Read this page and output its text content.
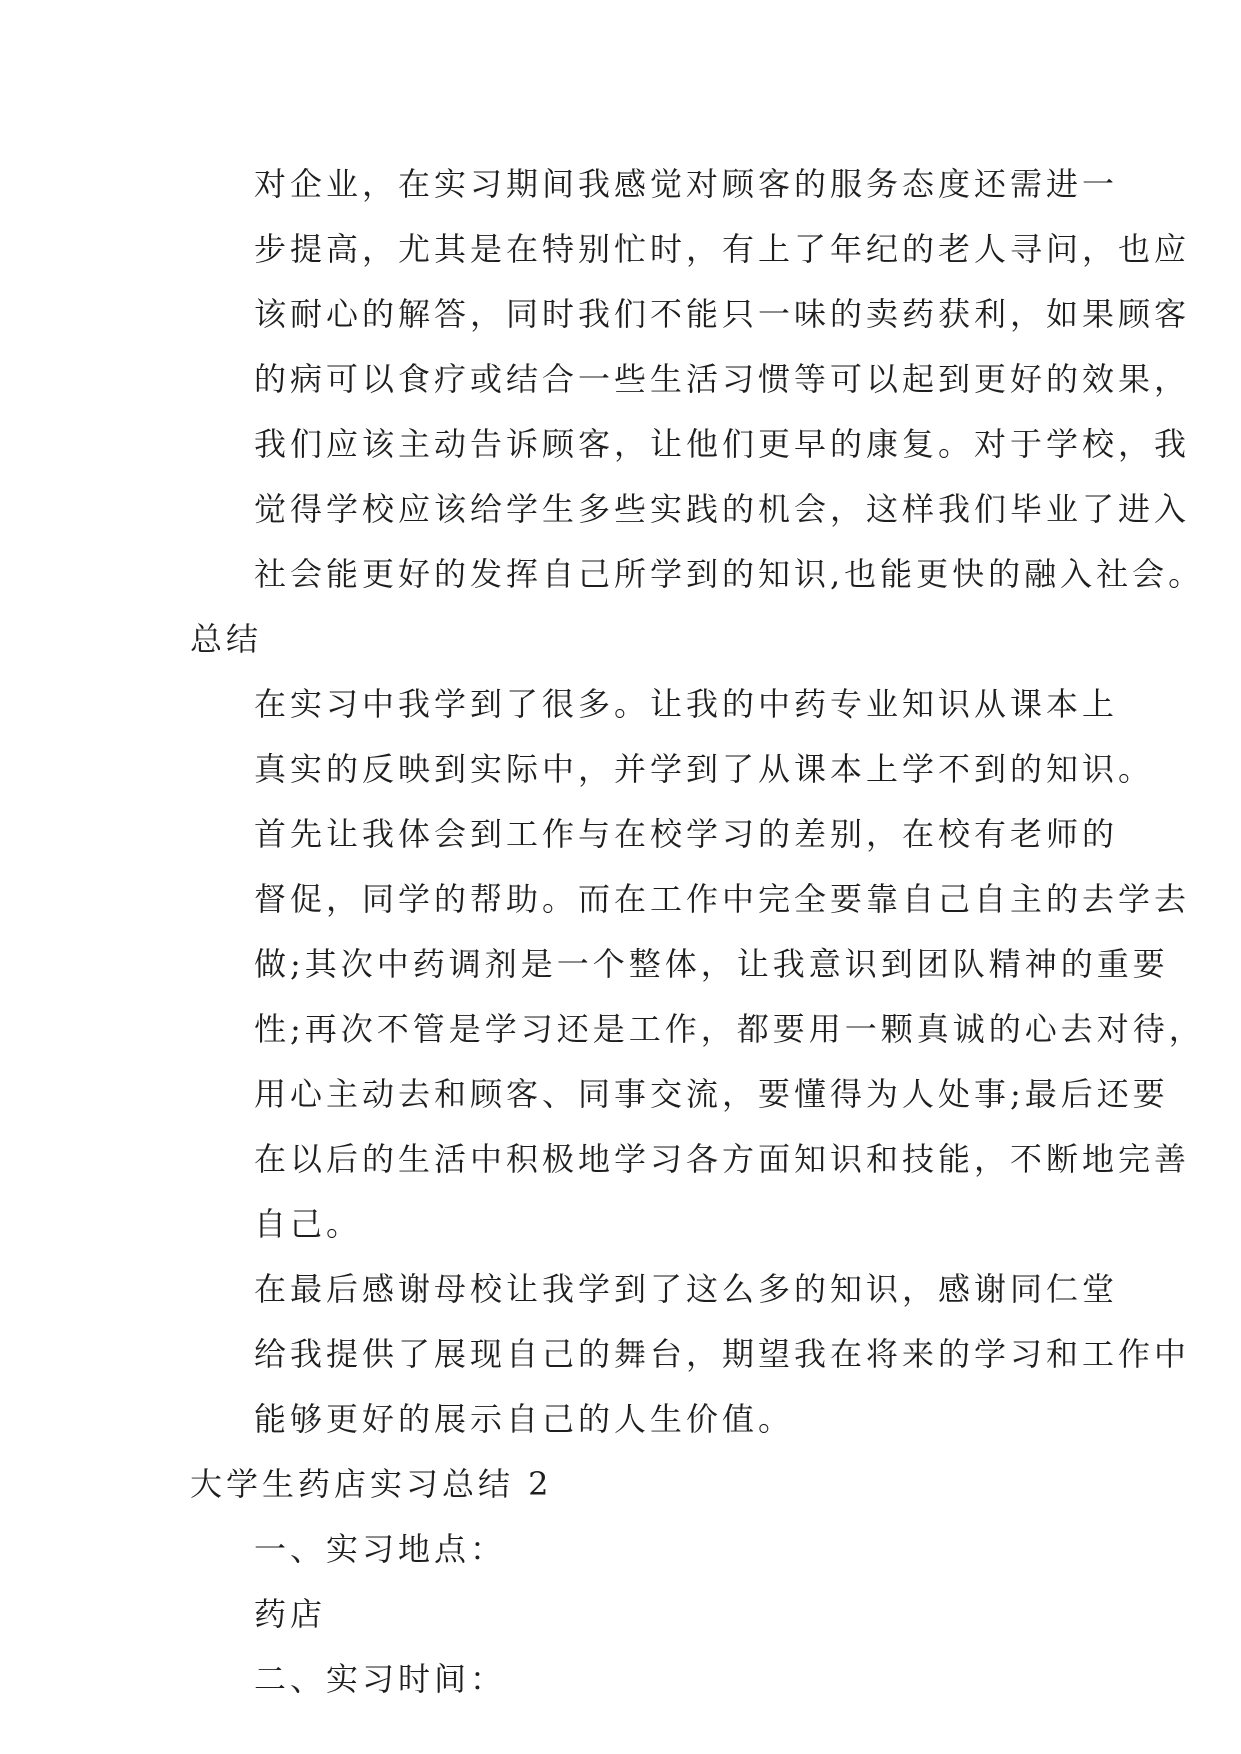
对企业，在实习期间我感觉对顾客的服务态度还需进一
步提高，尤其是在特别忙时，有上了年纪的老人寻问，也应
该耐心的解答，同时我们不能只一味的卖药获利，如果顾客
的病可以食疗或结合一些生活习惯等可以起到更好的效果，
我们应该主动告诉顾客，让他们更早的康复。对于学校，我
觉得学校应该给学生多些实践的机会，这样我们毕业了进入
社会能更好的发挥自己所学到的知识,也能更快的融入社会。

总结

在实习中我学到了很多。让我的中药专业知识从课本上
真实的反映到实际中，并学到了从课本上学不到的知识。

首先让我体会到工作与在校学习的差别，在校有老师的
督促，同学的帮助。而在工作中完全要靠自己自主的去学去
做;其次中药调剂是一个整体，让我意识到团队精神的重要
性;再次不管是学习还是工作，都要用一颗真诚的心去对待，
用心主动去和顾客、同事交流，要懂得为人处事;最后还要
在以后的生活中积极地学习各方面知识和技能，不断地完善
自己。

在最后感谢母校让我学到了这么多的知识，感谢同仁堂
给我提供了展现自己的舞台，期望我在将来的学习和工作中
能够更好的展示自己的人生价值。

大学生药店实习总结 2

一、实习地点：

药店

二、实习时间：
